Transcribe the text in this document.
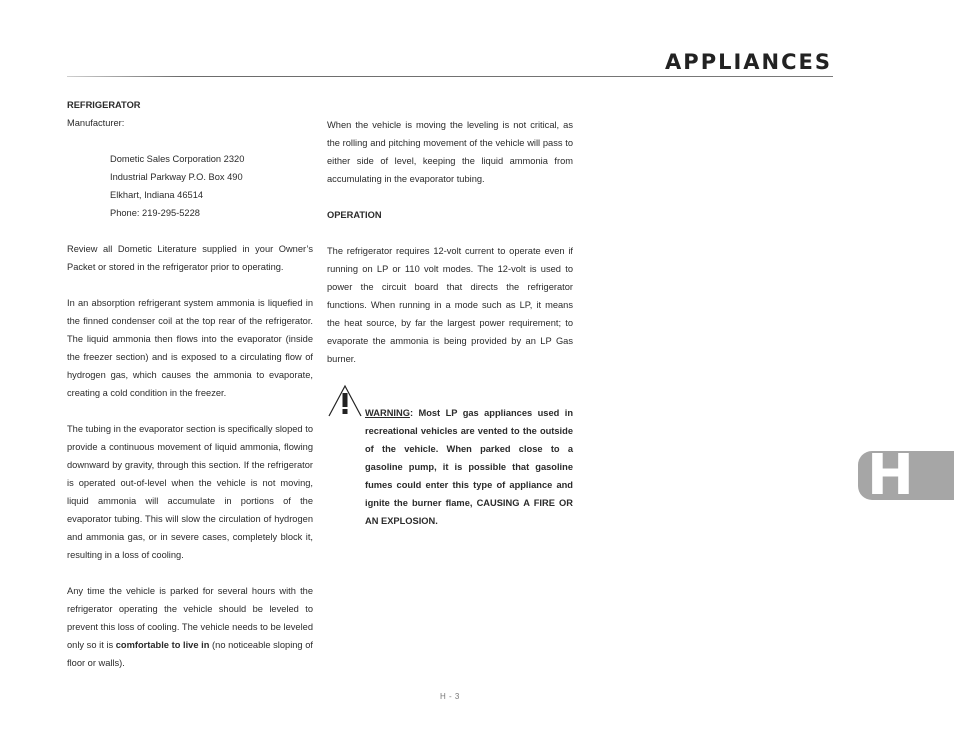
APPLIANCES
REFRIGERATOR
Manufacturer:
Dometic Sales Corporation 2320
Industrial Parkway P.O. Box 490
Elkhart, Indiana 46514
Phone: 219-295-5228

Review all Dometic Literature supplied in your Owner’s Packet or stored in the refrigerator prior to operating.

In an absorption refrigerant system ammonia is liquefied in the finned condenser coil at the top rear of the refrigerator. The liquid ammonia then flows into the evaporator (inside the freezer section) and is exposed to a circulating flow of hydrogen gas, which causes the ammonia to evaporate, creating a cold condition in the freezer.

The tubing in the evaporator section is specifically sloped to provide a continuous movement of liquid ammonia, flowing downward by gravity, through this section. If the refrigerator is operated out-of-level when the vehicle is not moving, liquid ammonia will accumulate in portions of the evaporator tubing. This will slow the circulation of hydrogen and ammonia gas, or in severe cases, completely block it, resulting in a loss of cooling.

Any time the vehicle is parked for several hours with the refrigerator operating the vehicle should be leveled to prevent this loss of cooling. The vehicle needs to be leveled only so it is comfortable to live in (no noticeable sloping of floor or walls).

When the vehicle is moving the leveling is not critical, as the rolling and pitching movement of the vehicle will pass to either side of level, keeping the liquid ammonia from accumulating in the evaporator tubing.

OPERATION

The refrigerator requires 12-volt current to operate even if running on LP or 110 volt modes. The 12-volt is used to power the circuit board that directs the refrigerator functions. When running in a mode such as LP, it means the heat source, by far the largest power requirement; to evaporate the ammonia is being provided by an LP Gas burner.

WARNING: Most LP gas appliances used in recreational vehicles are vented to the outside of the vehicle. When parked close to a gasoline pump, it is possible that gasoline fumes could enter this type of appliance and ignite the burner flame, CAUSING A FIRE OR AN EXPLOSION.
H
H - 3
